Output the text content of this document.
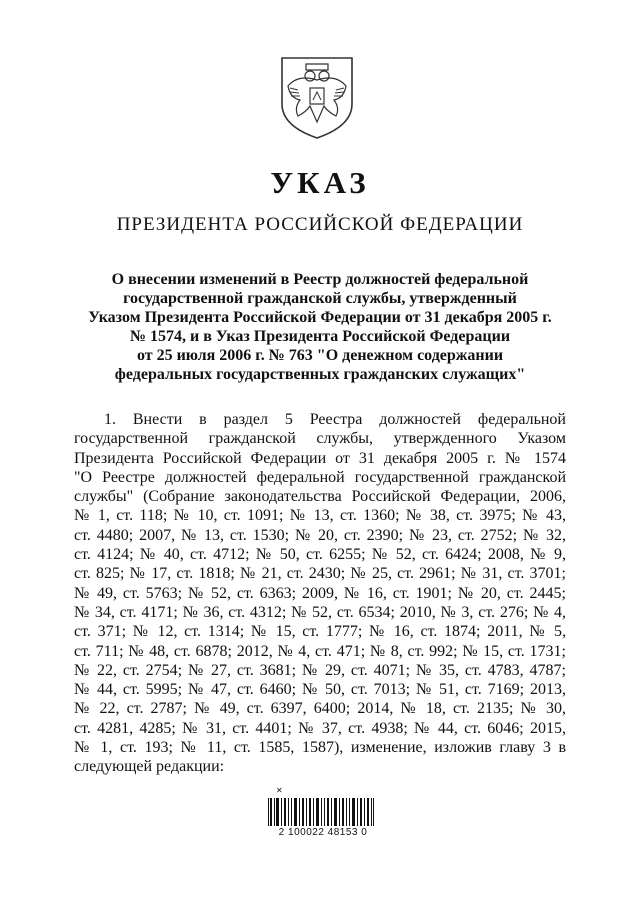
УКАЗ
ПРЕЗИДЕНТА РОССИЙСКОЙ ФЕДЕРАЦИИ
О внесении изменений в Реестр должностей федеральной
государственной гражданской службы, утвержденный
Указом Президента Российской Федерации от 31 декабря 2005 г.
№ 1574, и в Указ Президента Российской Федерации
от 25 июля 2006 г. № 763 "О денежном содержании
федеральных государственных гражданских служащих"
1. Внести в раздел 5 Реестра должностей федеральной
государственной гражданской службы, утвержденного Указом
Президента Российской Федерации от 31 декабря 2005 г. № 1574
"О Реестре должностей федеральной государственной гражданской
службы" (Собрание законодательства Российской Федерации, 2006,
№ 1, ст. 118; № 10, ст. 1091; № 13, ст. 1360; № 38, ст. 3975; № 43,
ст. 4480; 2007, № 13, ст. 1530; № 20, ст. 2390; № 23, ст. 2752; № 32,
ст. 4124; № 40, ст. 4712; № 50, ст. 6255; № 52, ст. 6424; 2008, № 9,
ст. 825; № 17, ст. 1818; № 21, ст. 2430; № 25, ст. 2961; № 31, ст. 3701;
№ 49, ст. 5763; № 52, ст. 6363; 2009, № 16, ст. 1901; № 20, ст. 2445;
№ 34, ст. 4171; № 36, ст. 4312; № 52, ст. 6534; 2010, № 3, ст. 276; № 4,
ст. 371; № 12, ст. 1314; № 15, ст. 1777; № 16, ст. 1874; 2011, № 5,
ст. 711; № 48, ст. 6878; 2012, № 4, ст. 471; № 8, ст. 992; № 15, ст. 1731;
№ 22, ст. 2754; № 27, ст. 3681; № 29, ст. 4071; № 35, ст. 4783, 4787;
№ 44, ст. 5995; № 47, ст. 6460; № 50, ст. 7013; № 51, ст. 7169; 2013,
№ 22, ст. 2787; № 49, ст. 6397, 6400; 2014, № 18, ст. 2135; № 30,
ст. 4281, 4285; № 31, ст. 4401; № 37, ст. 4938; № 44, ст. 6046; 2015,
№ 1, ст. 193; № 11, ст. 1585, 1587), изменение, изложив главу 3 в
следующей редакции:
✕
2 100022 48153 0
